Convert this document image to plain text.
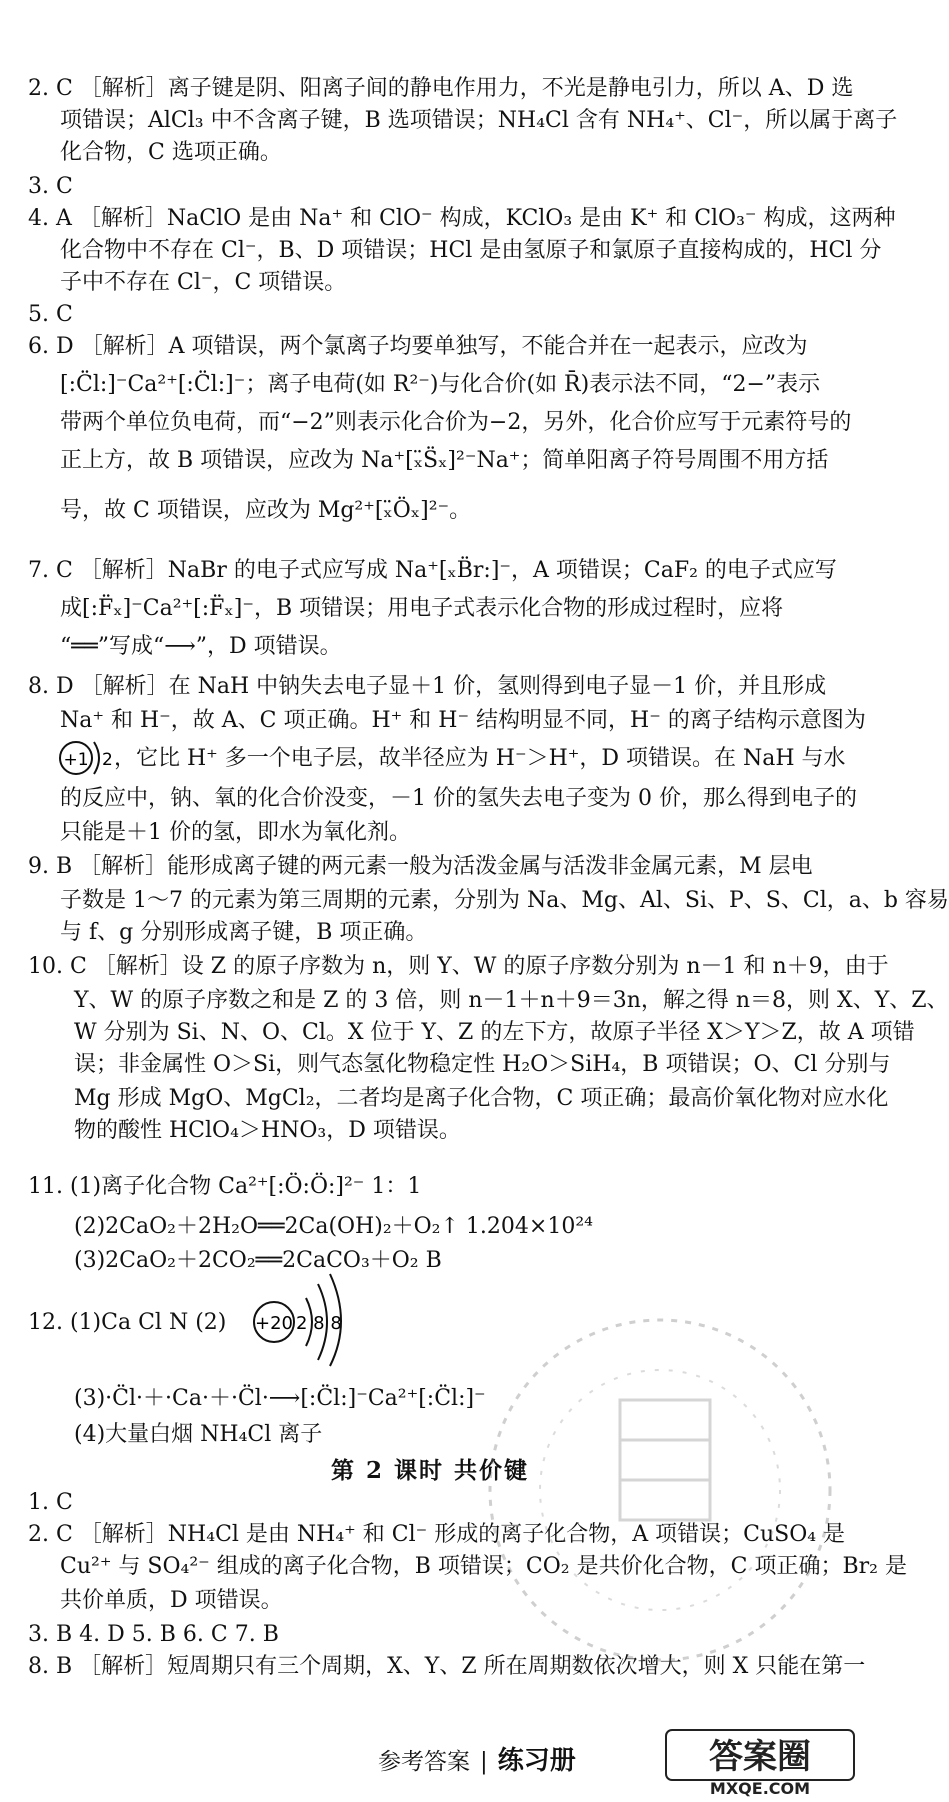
2. C ［解析］离子键是阴、阳离子间的静电作用力，不光是静电引力，所以 A、D 选
项错误；AlCl₃ 中不含离子键，B 选项错误；NH₄Cl 含有 NH₄⁺、Cl⁻，所以属于离子
化合物，C 选项正确。
3. C
4. A ［解析］NaClO 是由 Na⁺ 和 ClO⁻ 构成，KClO₃ 是由 K⁺ 和 ClO₃⁻ 构成，这两种
化合物中不存在 Cl⁻，B、D 项错误；HCl 是由氢原子和氯原子直接构成的，HCl 分
子中不存在 Cl⁻，C 项错误。
5. C
6. D ［解析］A 项错误，两个氯离子均要单独写，不能合并在一起表示，应改为
[:C̈l:]⁻Ca²⁺[:C̈l:]⁻；离子电荷(如 R²⁻)与化合价(如 R̄)表示法不同，“2−”表示
带两个单位负电荷，而“−2”则表示化合价为−2，另外，化合价应写于元素符号的
正上方，故 B 项错误，应改为 Na⁺[ₓ̈S̈ₓ]²⁻Na⁺；简单阳离子符号周围不用方括
号，故 C 项错误，应改为 Mg²⁺[ₓ̈Öₓ]²⁻。
7. C ［解析］NaBr 的电子式应写成 Na⁺[ₓB̈r:]⁻，A 项错误；CaF₂ 的电子式应写
成[:F̈ₓ]⁻Ca²⁺[:F̈ₓ]⁻，B 项错误；用电子式表示化合物的形成过程时，应将
“══”写成“⟶”，D 项错误。
8. D ［解析］在 NaH 中钠失去电子显＋1 价，氢则得到电子显－1 价，并且形成
Na⁺ 和 H⁻，故 A、C 项正确。H⁺ 和 H⁻ 结构明显不同，H⁻ 的离子结构示意图为
+1 2 ，它比 H⁺ 多一个电子层，故半径应为 H⁻＞H⁺，D 项错误。在 NaH 与水
的反应中，钠、氧的化合价没变，－1 价的氢失去电子变为 0 价，那么得到电子的
只能是＋1 价的氢，即水为氧化剂。
9. B ［解析］能形成离子键的两元素一般为活泼金属与活泼非金属元素，M 层电
子数是 1～7 的元素为第三周期的元素，分别为 Na、Mg、Al、Si、P、S、Cl，a、b 容易
与 f、g 分别形成离子键，B 项正确。
10. C ［解析］设 Z 的原子序数为 n，则 Y、W 的原子序数分别为 n－1 和 n＋9，由于
Y、W 的原子序数之和是 Z 的 3 倍，则 n－1＋n＋9＝3n，解之得 n＝8，则 X、Y、Z、
W 分别为 Si、N、O、Cl。X 位于 Y、Z 的左下方，故原子半径 X＞Y＞Z，故 A 项错
误；非金属性 O＞Si，则气态氢化物稳定性 H₂O＞SiH₄，B 项错误；O、Cl 分别与
Mg 形成 MgO、MgCl₂，二者均是离子化合物，C 项正确；最高价氧化物对应水化
物的酸性 HClO₄＞HNO₃，D 项错误。
11. (1)离子化合物 Ca²⁺[:Ö:Ö:]²⁻ 1：1
(2)2CaO₂＋2H₂O══2Ca(OH)₂＋O₂↑ 1.204×10²⁴
(3)2CaO₂＋2CO₂══2CaCO₃＋O₂ B
12. (1)Ca Cl N (2)	+20 2 8 8
(3)·C̈l·＋·Ca·＋·C̈l·⟶[:C̈l:]⁻Ca²⁺[:C̈l:]⁻
(4)大量白烟 NH₄Cl 离子
第 2 课时 共价键
1. C
2. C ［解析］NH₄Cl 是由 NH₄⁺ 和 Cl⁻ 形成的离子化合物，A 项错误；CuSO₄ 是
Cu²⁺ 与 SO₄²⁻ 组成的离子化合物，B 项错误；CO₂ 是共价化合物，C 项正确；Br₂ 是
共价单质，D 项错误。
3. B 4. D 5. B 6. C 7. B
8. B ［解析］短周期只有三个周期，X、Y、Z 所在周期数依次增大，则 X 只能在第一
参考答案 | 练习册	答案圈
MXQE.COM
